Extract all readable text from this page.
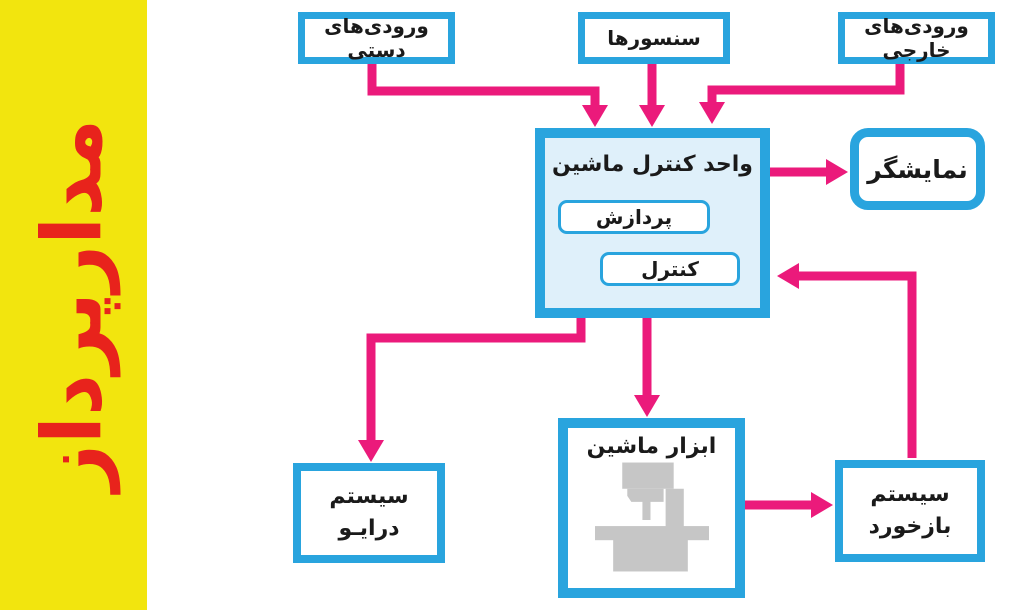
مدارپرداز
ورودی‌های دستی	سنسورها	ورودی‌های خارجی
واحد کنترل ماشین
پردازش
کنترل
نمایشگر
سیستم
درایـو
ابزار ماشین
سیستم
بازخورد
